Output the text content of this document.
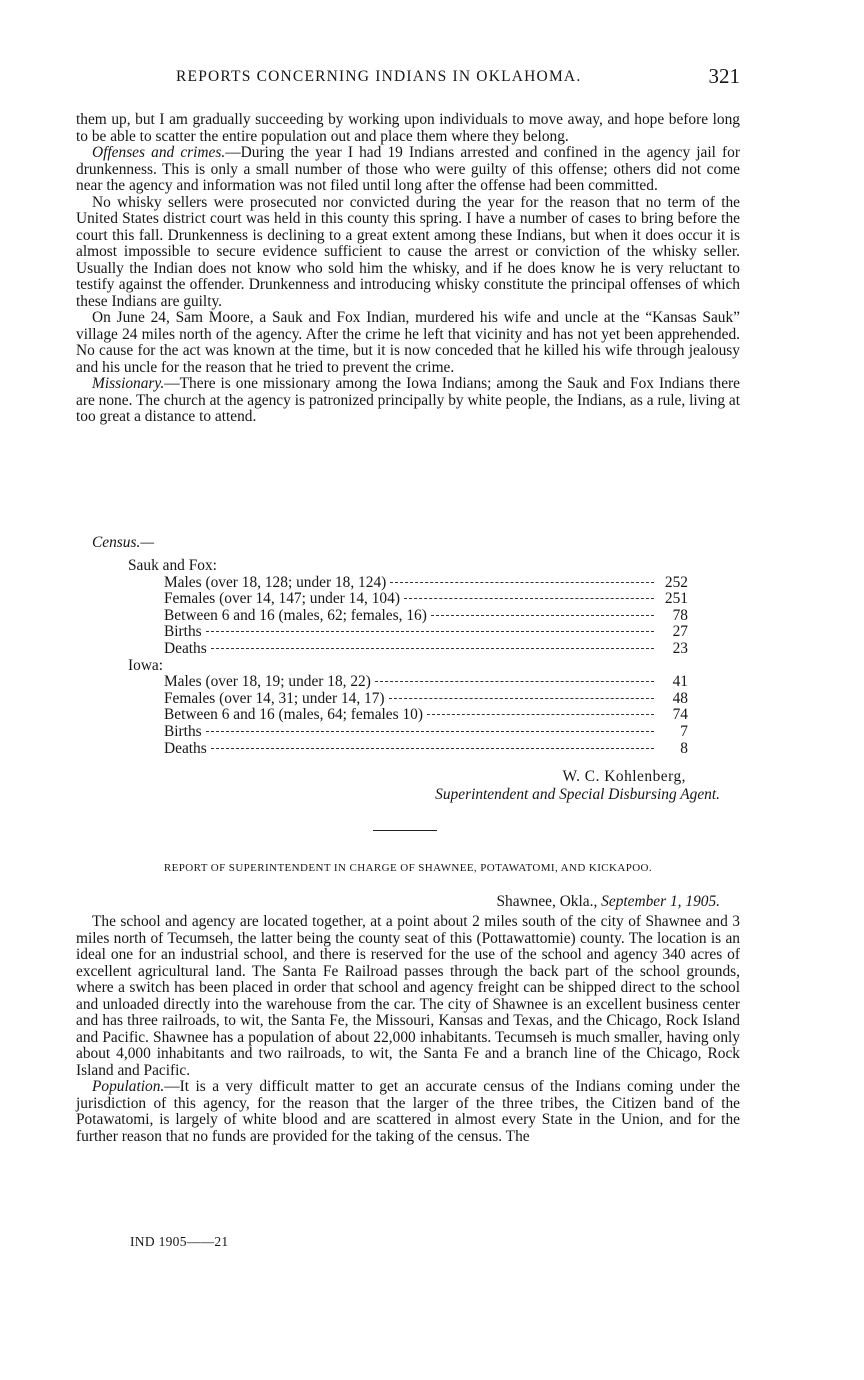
REPORTS CONCERNING INDIANS IN OKLAHOMA.	321

them up, but I am gradually succeeding by working upon individuals to move away, and hope before long to be able to scatter the entire population out and place them where they belong.

Offenses and crimes.—During the year I had 19 Indians arrested and confined in the agency jail for drunkenness. This is only a small number of those who were guilty of this offense; others did not come near the agency and information was not filed until long after the offense had been committed.

No whisky sellers were prosecuted nor convicted during the year for the reason that no term of the United States district court was held in this county this spring. I have a number of cases to bring before the court this fall. Drunkenness is declining to a great extent among these Indians, but when it does occur it is almost impossible to secure evidence sufficient to cause the arrest or conviction of the whisky seller. Usually the Indian does not know who sold him the whisky, and if he does know he is very reluctant to testify against the offender. Drunkenness and introducing whisky constitute the principal offenses of which these Indians are guilty.

On June 24, Sam Moore, a Sauk and Fox Indian, murdered his wife and uncle at the “Kansas Sauk” village 24 miles north of the agency. After the crime he left that vicinity and has not yet been apprehended. No cause for the act was known at the time, but it is now conceded that he killed his wife through jealousy and his uncle for the reason that he tried to prevent the crime.

Missionary.—There is one missionary among the Iowa Indians; among the Sauk and Fox Indians there are none. The church at the agency is patronized principally by white people, the Indians, as a rule, living at too great a distance to attend.

Census.—
Sauk and Fox:
Males (over 18, 128; under 18, 124)	252
Females (over 14, 147; under 14, 104)	251
Between 6 and 16 (males, 62; females, 16)	78
Births	27
Deaths	23
Iowa:
Males (over 18, 19; under 18, 22)	41
Females (over 14, 31; under 14, 17)	48
Between 6 and 16 (males, 64; females 10)	74
Births	7
Deaths	8
W. C. Kohlenberg,
Superintendent and Special Disbursing Agent.
REPORT OF SUPERINTENDENT IN CHARGE OF SHAWNEE, POTAWATOMI, AND KICKAPOO.
Shawnee, Okla., September 1, 1905.

The school and agency are located together, at a point about 2 miles south of the city of Shawnee and 3 miles north of Tecumseh, the latter being the county seat of this (Pottawattomie) county. The location is an ideal one for an industrial school, and there is reserved for the use of the school and agency 340 acres of excellent agricultural land. The Santa Fe Railroad passes through the back part of the school grounds, where a switch has been placed in order that school and agency freight can be shipped direct to the school and unloaded directly into the warehouse from the car. The city of Shawnee is an excellent business center and has three railroads, to wit, the Santa Fe, the Missouri, Kansas and Texas, and the Chicago, Rock Island and Pacific. Shawnee has a population of about 22,000 inhabitants. Tecumseh is much smaller, having only about 4,000 inhabitants and two railroads, to wit, the Santa Fe and a branch line of the Chicago, Rock Island and Pacific.

Population.—It is a very difficult matter to get an accurate census of the Indians coming under the jurisdiction of this agency, for the reason that the larger of the three tribes, the Citizen band of the Potawatomi, is largely of white blood and are scattered in almost every State in the Union, and for the further reason that no funds are provided for the taking of the census. The

IND 1905——21
